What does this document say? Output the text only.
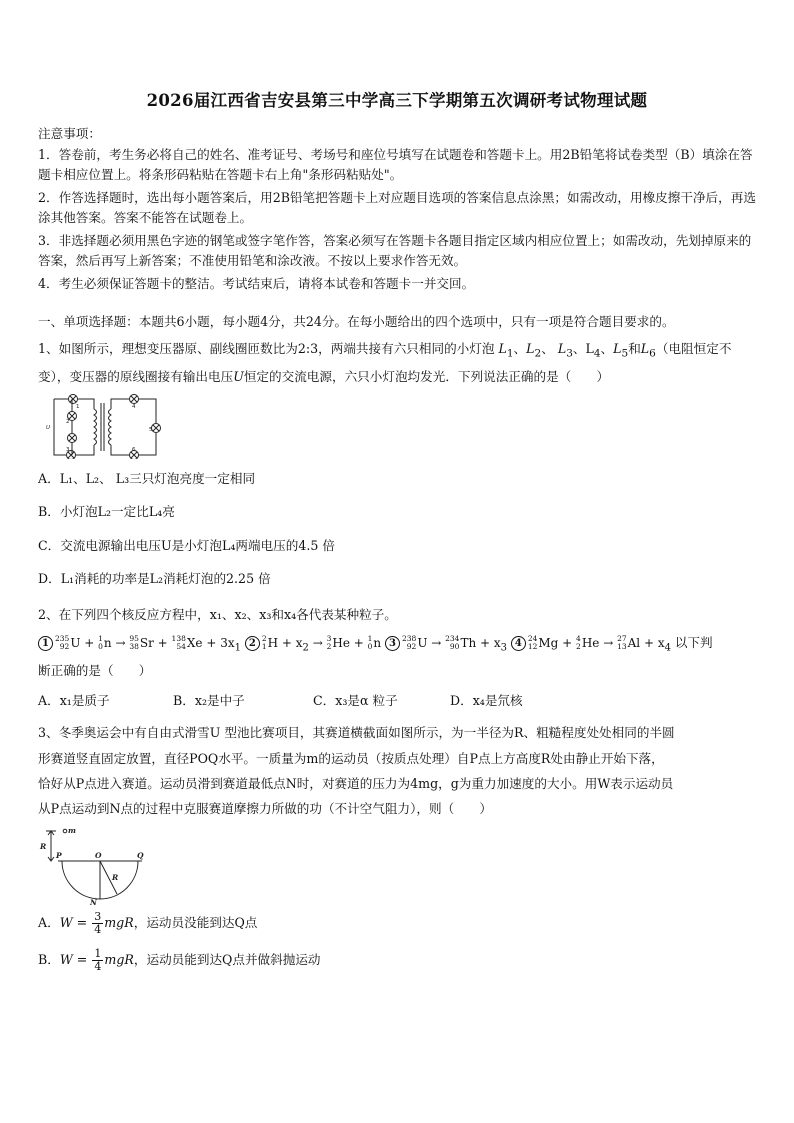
2026届江西省吉安县第三中学高三下学期第五次调研考试物理试题
注意事项：
1．答卷前，考生务必将自己的姓名、准考证号、考场号和座位号填写在试题卷和答题卡上。用2B铅笔将试卷类型（B）填涂在答题卡相应位置上。将条形码粘贴在答题卡右上角"条形码粘贴处"。
2．作答选择题时，选出每小题答案后，用2B铅笔把答题卡上对应题目选项的答案信息点涂黑；如需改动，用橡皮擦干净后，再选涂其他答案。答案不能答在试题卷上。
3．非选择题必须用黑色字迹的钢笔或签字笔作答，答案必须写在答题卡各题目指定区域内相应位置上；如需改动，先划掉原来的答案，然后再写上新答案；不准使用铅笔和涂改液。不按以上要求作答无效。
4．考生必须保证答题卡的整洁。考试结束后，请将本试卷和答题卡一并交回。
一、单项选择题：本题共6小题，每小题4分，共24分。在每小题给出的四个选项中，只有一项是符合题目要求的。
1、如图所示，理想变压器原、副线圈匝数比为2:3，两端共接有六只相同的小灯泡 $L_1$、$L_2$、 $L_3$、$L_4$、$L_5$和$L_6$（电阻恒定不变），变压器的原线圈接有输出电压U恒定的交流电源，六只小灯泡均发光．下列说法正确的是（　　）
1
2
3
4
5
6
U
A．L₁、L₂、 L₃三只灯泡亮度一定相同
B．小灯泡L₂一定比L₄亮
C．交流电源输出电压U是小灯泡L₄两端电压的4.5 倍
D．L₁消耗的功率是L₂消耗灯泡的2.25 倍
2、在下列四个核反应方程中，x₁、x₂、x₃和x₄各代表某种粒子。
1 235
92 U + 1
0 n → 95
38 Sr + 138
54 $Xe + 3x_1$ 2 2
1 $H + x_2 \to 3$
2 He + 1
0 n 3 238
92 U → 234
90 $Th + x_3$ 4 24
12 Mg + 4
2 He → 27
13 $Al + x_4$ 以下判
断正确的是（　　）
A．x₁是质子	B．x₂是中子	C．x₃是α 粒子	D．x₄是氘核
3、冬季奥运会中有自由式滑雪U 型池比赛项目，其赛道横截面如图所示，为一半径为R、粗糙程度处处相同的半圆
形赛道竖直固定放置，直径POQ水平。一质量为m的运动员（按质点处理）自P点上方高度R处由静止开始下落，
恰好从P点进入赛道。运动员滑到赛道最低点N时，对赛道的压力为4mg，g为重力加速度的大小。用W表示运动员
从P点运动到N点的过程中克服赛道摩擦力所做的功（不计空气阻力），则（　　）
m
R
P	O	Q
R
N
A．$W = \frac{3}{4}$ mgR，运动员没能到达Q点
B．$W = \frac{1}{4}$ mgR，运动员能到达Q点并做斜抛运动
